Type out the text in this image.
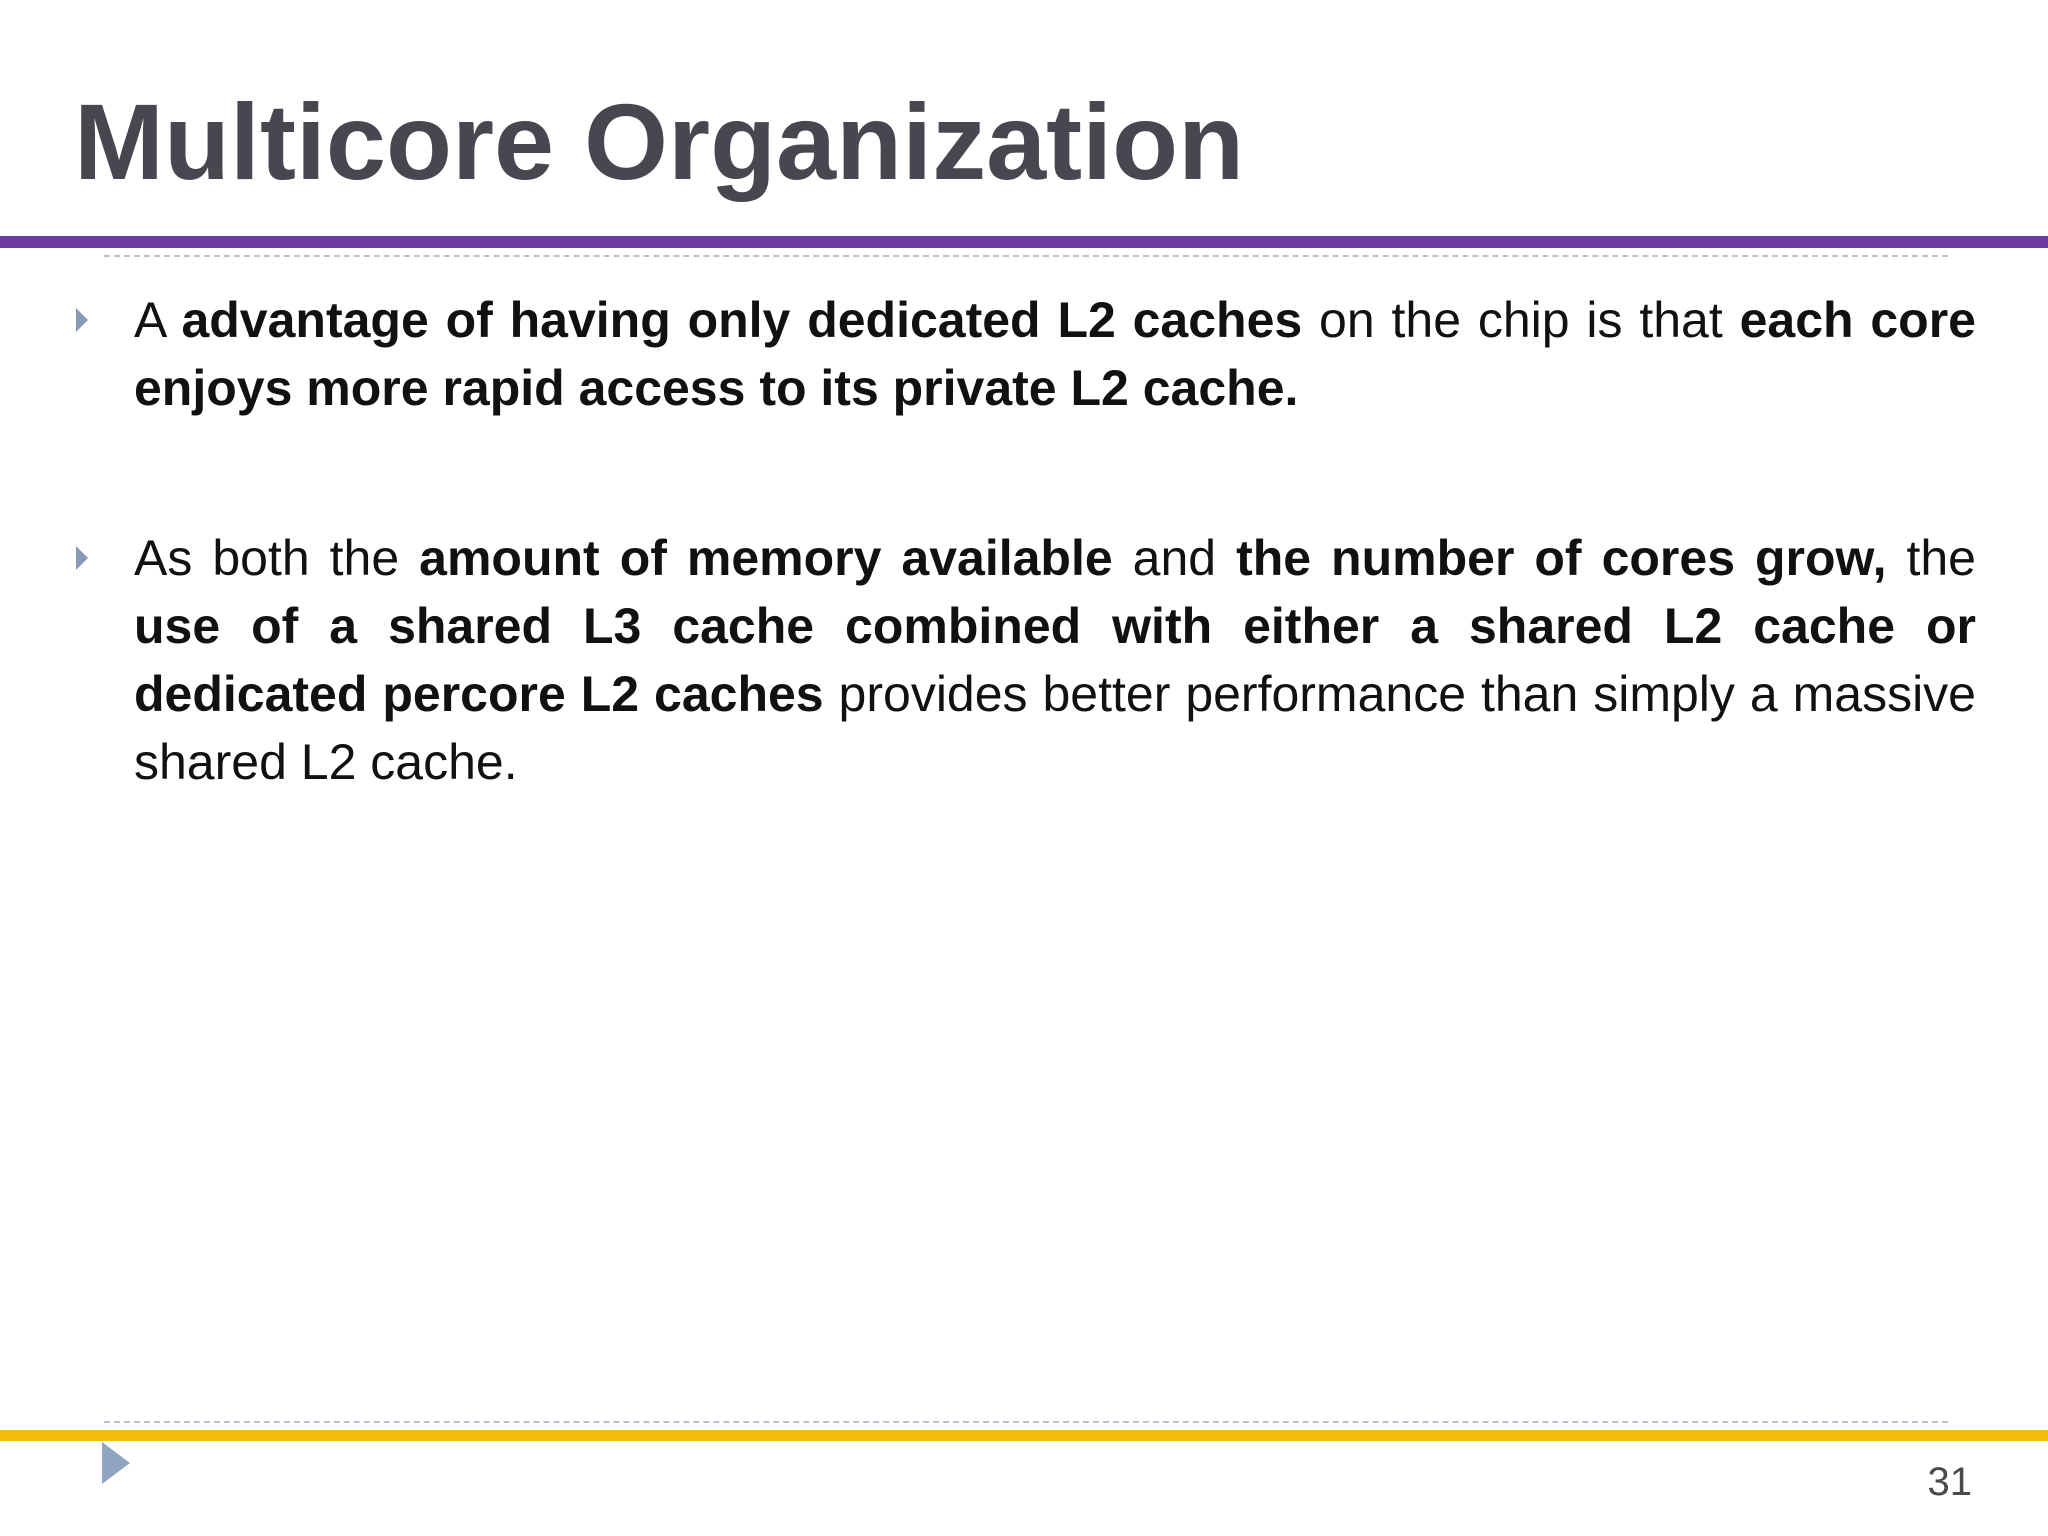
Multicore Organization
A advantage of having only dedicated L2 caches on the chip is that each core enjoys more rapid access to its private L2 cache.
As both the amount of memory available and the number of cores grow, the use of a shared L3 cache combined with either a shared L2 cache or dedicated percore L2 caches provides better performance than simply a massive shared L2 cache.
31
